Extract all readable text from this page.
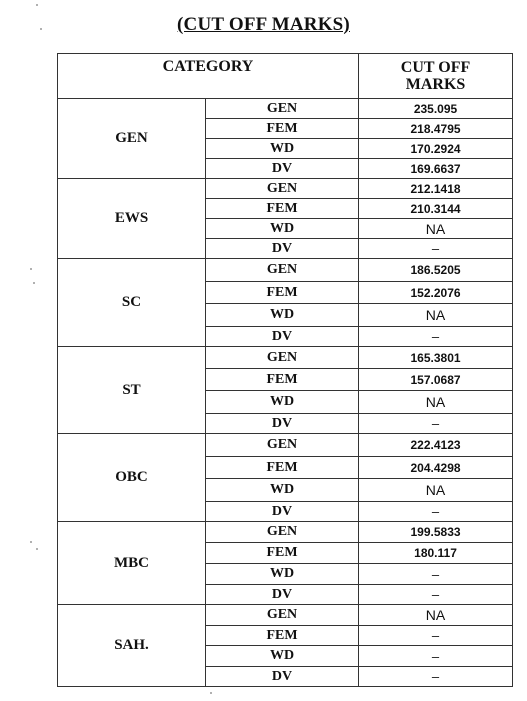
(CUT OFF MARKS)
CATEGORY		CUT OFF
MARKS
GEN	GEN	235.095
	FEM	218.4795
	WD	170.2924
	DV	169.6637
EWS	GEN	212.1418
	FEM	210.3144
	WD	NA
	DV	–
SC	GEN	186.5205
	FEM	152.2076
	WD	NA
	DV	–
ST	GEN	165.3801
	FEM	157.0687
	WD	NA
	DV	–
OBC	GEN	222.4123
	FEM	204.4298
	WD	NA
	DV	–
MBC	GEN	199.5833
	FEM	180.117
	WD	–
	DV	–
SAH.	GEN	NA
	FEM	–
	WD	–
	DV	–
